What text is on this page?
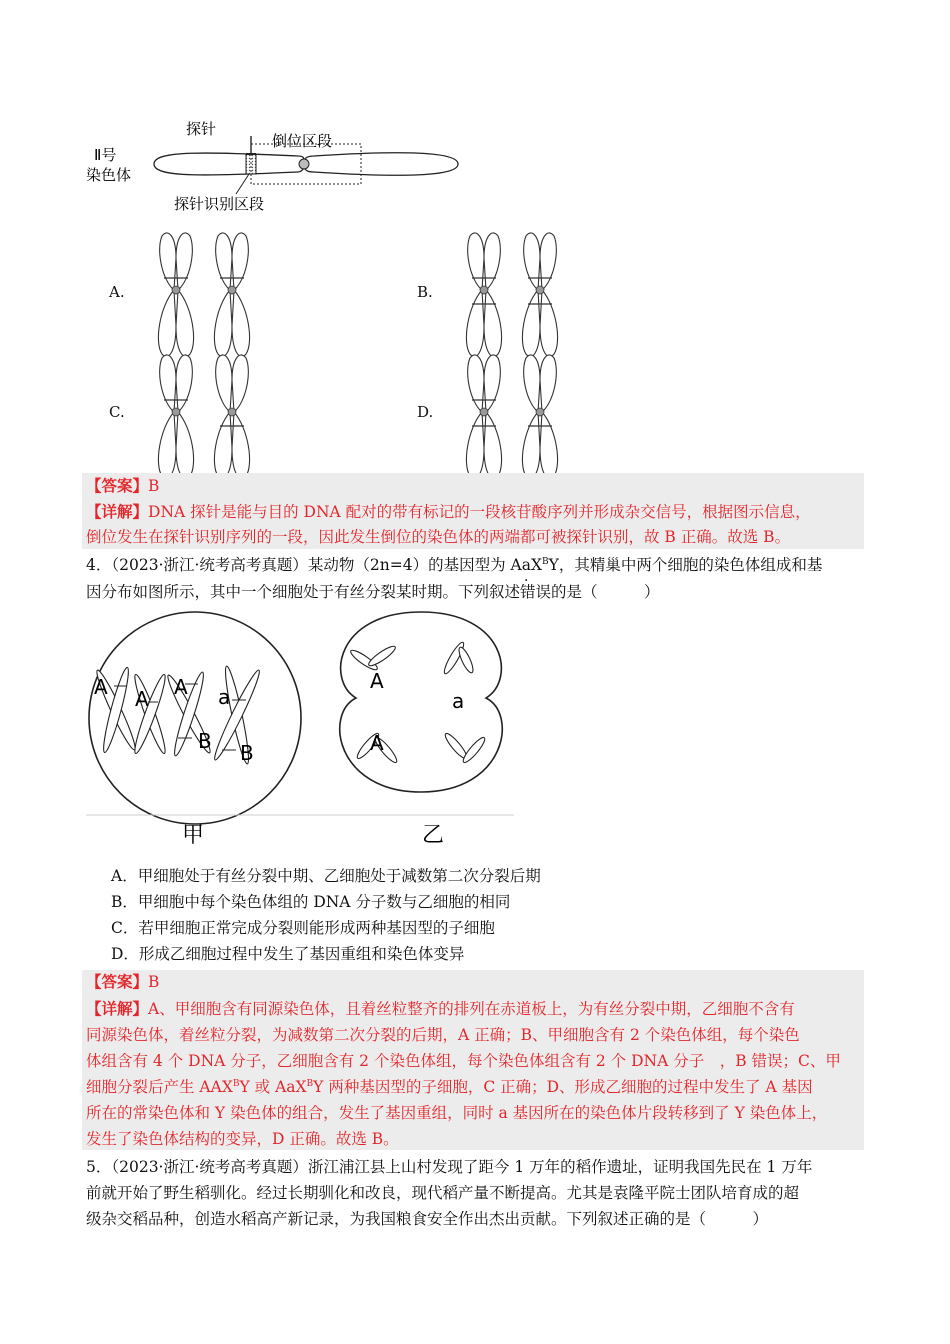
Ⅱ号
染色体
探针
倒位区段
探针识别区段
A.	B.
C.	D.
【答案】B
【详解】DNA 探针是能与目的 DNA 配对的带有标记的一段核苷酸序列并形成杂交信号，根据图示信息，
倒位发生在探针识别序列的一段，因此发生倒位的染色体的两端都可被探针识别，故 B 正确。故选 B。
4．（2023·浙江·统考高考真题）某动物（2n=4）的基因型为 AaX$^B$Y，其精巢中两个细胞的染色体组成和基
因分布如图所示，其中一个细胞处于有丝分裂某时期。下列叙述错误的是（　　　）
A A A a
B B
甲
A
a
A
乙
A．甲细胞处于有丝分裂中期、乙细胞处于减数第二次分裂后期
B．甲细胞中每个染色体组的 DNA 分子数与乙细胞的相同
C．若甲细胞正常完成分裂则能形成两种基因型的子细胞
D．形成乙细胞过程中发生了基因重组和染色体变异
【答案】B
【详解】A、甲细胞含有同源染色体，且着丝粒整齐的排列在赤道板上，为有丝分裂中期，乙细胞不含有
同源染色体，着丝粒分裂，为减数第二次分裂的后期，A 正确；B、甲细胞含有 2 个染色体组，每个染色
体组含有 4 个 DNA 分子，乙细胞含有 2 个染色体组，每个染色体组含有 2 个 DNA 分子　，B 错误；C、甲
细胞分裂后产生 $AAX^BY$ 或 AaX$^B$Y 两种基因型的子细胞，C 正确；D、形成乙细胞的过程中发生了 A 基因
所在的常染色体和 Y 染色体的组合，发生了基因重组，同时 a 基因所在的染色体片段转移到了 Y 染色体上，
发生了染色体结构的变异，D 正确。故选 B。
5．（2023·浙江·统考高考真题）浙江浦江县上山村发现了距今 1 万年的稻作遗址，证明我国先民在 1 万年
前就开始了野生稻驯化。经过长期驯化和改良，现代稻产量不断提高。尤其是袁隆平院士团队培育成的超
级杂交稻品种，创造水稻高产新记录，为我国粮食安全作出杰出贡献。下列叙述正确的是（　　　）
